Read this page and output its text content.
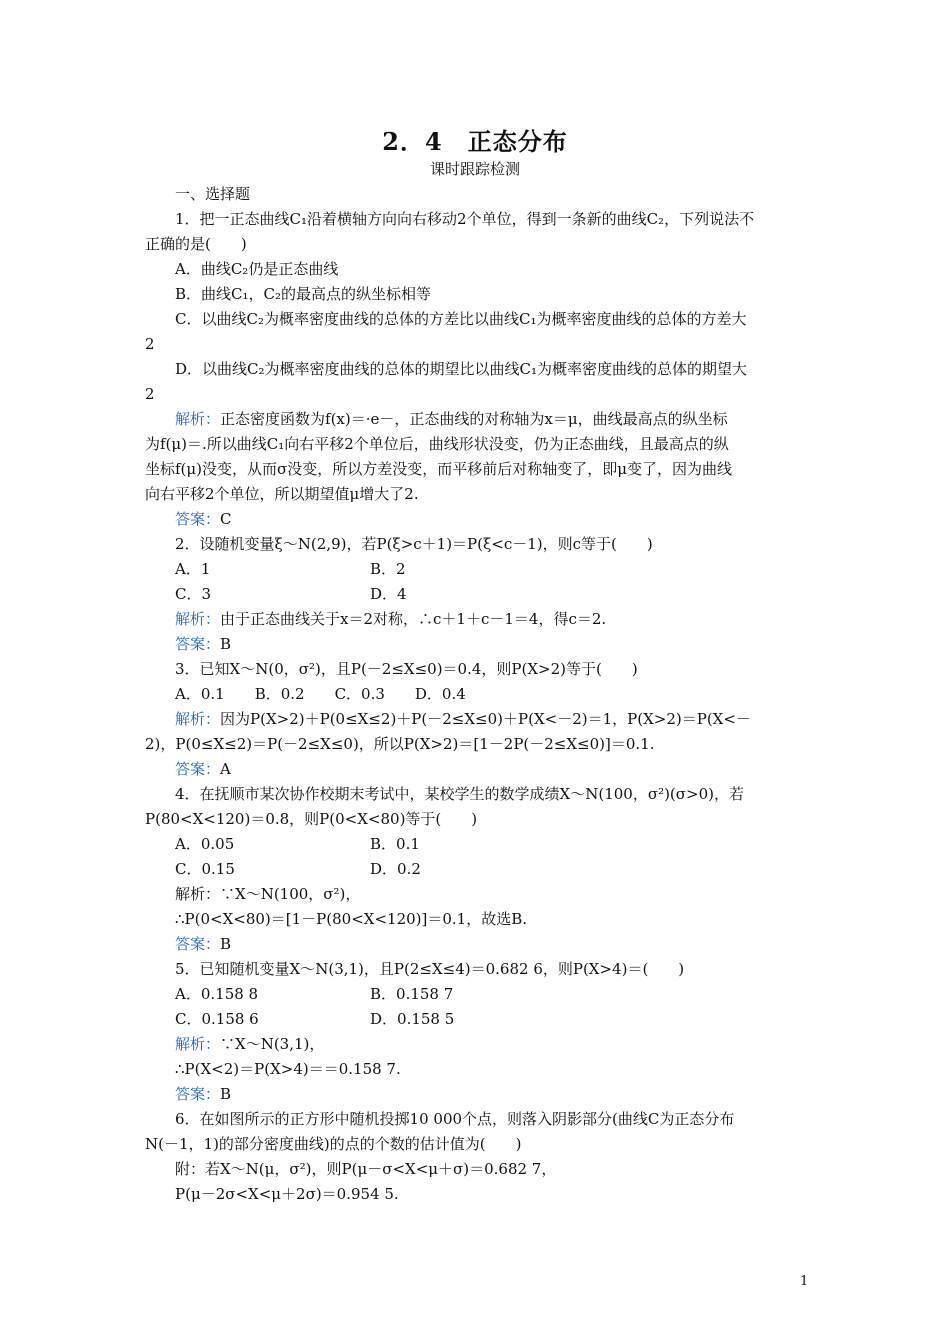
2．4　正态分布
课时跟踪检测
一、选择题
1．把一正态曲线C₁沿着横轴方向向右移动2个单位，得到一条新的曲线C₂，下列说法不
正确的是(　　)
A．曲线C₂仍是正态曲线
B．曲线C₁，C₂的最高点的纵坐标相等
C．以曲线C₂为概率密度曲线的总体的方差比以曲线C₁为概率密度曲线的总体的方差大
2
D．以曲线C₂为概率密度曲线的总体的期望比以曲线C₁为概率密度曲线的总体的期望大
2
解析：正态密度函数为f(x)＝·e－，正态曲线的对称轴为x＝μ，曲线最高点的纵坐标
为f(μ)＝.所以曲线C₁向右平移2个单位后，曲线形状没变，仍为正态曲线，且最高点的纵
坐标f(μ)没变，从而σ没变，所以方差没变，而平移前后对称轴变了，即μ变了，因为曲线
向右平移2个单位，所以期望值μ增大了2.
答案：C
2．设随机变量ξ～N(2,9)，若P(ξ>c＋1)＝P(ξ<c－1)，则c等于(　　)
A．1	B．2
C．3	D．4
解析：由于正态曲线关于x＝2对称，∴c＋1＋c－1＝4，得c＝2.
答案：B
3．已知X～N(0，σ²)，且P(－2≤X≤0)＝0.4，则P(X>2)等于(　　)
A．0.1　　B．0.2　　C．0.3　　D．0.4
解析：因为P(X>2)＋P(0≤X≤2)＋P(－2≤X≤0)＋P(X<－2)＝1，P(X>2)＝P(X<－
2)，P(0≤X≤2)＝P(－2≤X≤0)，所以P(X>2)＝[1－2P(－2≤X≤0)]＝0.1.
答案：A
4．在抚顺市某次协作校期末考试中，某校学生的数学成绩X～N(100，σ²)(σ>0)，若
P(80<X<120)＝0.8，则P(0<X<80)等于(　　)
A．0.05	B．0.1
C．0.15	D．0.2
解析：∵X～N(100，σ²)，
∴P(0<X<80)＝[1－P(80<X<120)]＝0.1，故选B.
答案：B
5．已知随机变量X～N(3,1)，且P(2≤X≤4)＝0.682 6，则P(X>4)＝(　　)
A．0.158 8	B．0.158 7
C．0.158 6	D．0.158 5
解析：∵X～N(3,1)，
∴P(X<2)＝P(X>4)＝＝0.158 7.
答案：B
6．在如图所示的正方形中随机投掷10 000个点，则落入阴影部分(曲线C为正态分布
N(－1，1)的部分密度曲线)的点的个数的估计值为(　　)
附：若X～N(μ，σ²)，则P(μ－σ<X<μ＋σ)＝0.682 7，
P(μ－2σ<X<μ＋2σ)＝0.954 5.
1
